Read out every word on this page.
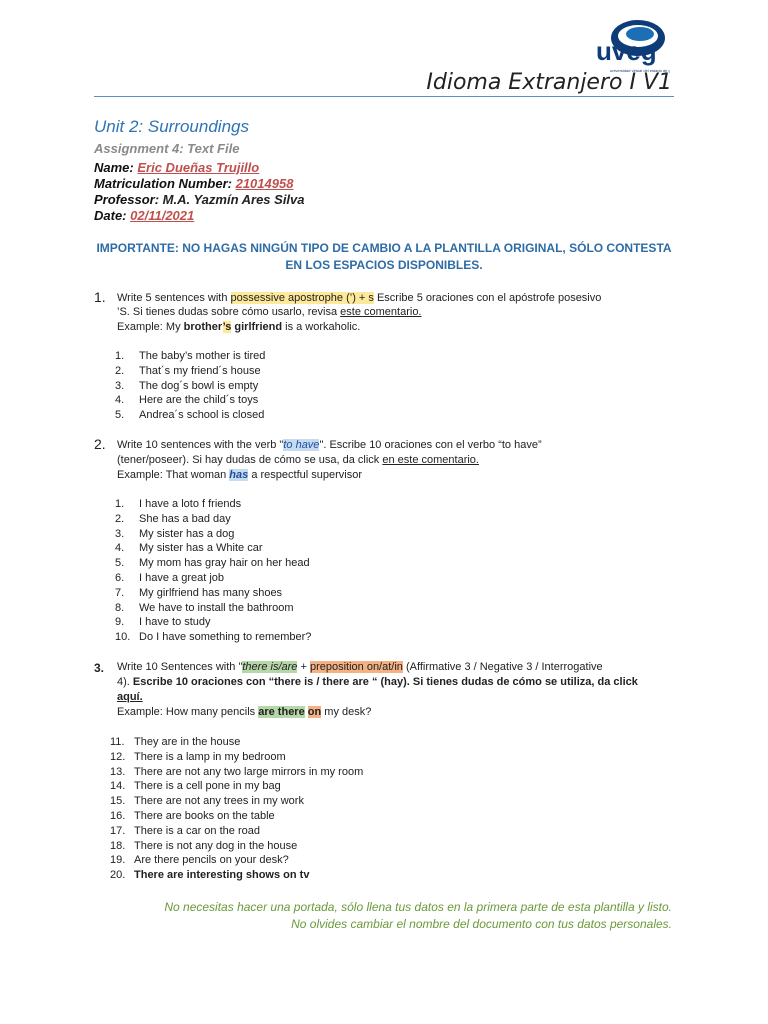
uveg
universidad virtual del estado de
Idioma Extranjero I V1
Unit 2: Surroundings
Assignment 4: Text File
Name: Eric Dueñas Trujillo
Matriculation Number: 21014958
Professor: M.A. Yazmín Ares Silva
Date: 02/11/2021
IMPORTANTE: NO HAGAS NINGÚN TIPO DE CAMBIO A LA PLANTILLA ORIGINAL, SÓLO CONTESTA
EN LOS ESPACIOS DISPONIBLES.
1. Write 5 sentences with possessive apostrophe (’) + s Escribe 5 oraciones con el apóstrofe posesivo
’S. Si tienes dudas sobre cómo usarlo, revisa este comentario.
Example: My brother’s girlfriend is a workaholic.
1. The baby’s mother is tired
2. That´s my friend´s house
3. The dog´s bowl is empty
4. Here are the child´s toys
5. Andrea´s school is closed
2. Write 10 sentences with the verb "to have". Escribe 10 oraciones con el verbo “to have”
(tener/poseer). Si hay dudas de cómo se usa, da click en este comentario.
Example: That woman has a respectful supervisor
1. I have a loto f friends
2. She has a bad day
3. My sister has a dog
4. My sister has a White car
5. My mom has gray hair on her head
6. I have a great job
7. My girlfriend has many shoes
8. We have to install the bathroom
9. I have to study
10. Do I have something to remember?
3. Write 10 Sentences with "there is/are + preposition on/at/in (Affirmative 3 / Negative 3 / Interrogative
4). Escribe 10 oraciones con “there is / there are “ (hay). Si tienes dudas de cómo se utiliza, da click
aquí.
Example: How many pencils are there on my desk?
11. They are in the house
12. There is a lamp in my bedroom
13. There are not any two large mirrors in my room
14. There is a cell pone in my bag
15. There are not any trees in my work
16. There are books on the table
17. There is a car on the road
18. There is not any dog in the house
19. Are there pencils on your desk?
20. There are interesting shows on tv
No necesitas hacer una portada, sólo llena tus datos en la primera parte de esta plantilla y listo.
No olvides cambiar el nombre del documento con tus datos personales.
